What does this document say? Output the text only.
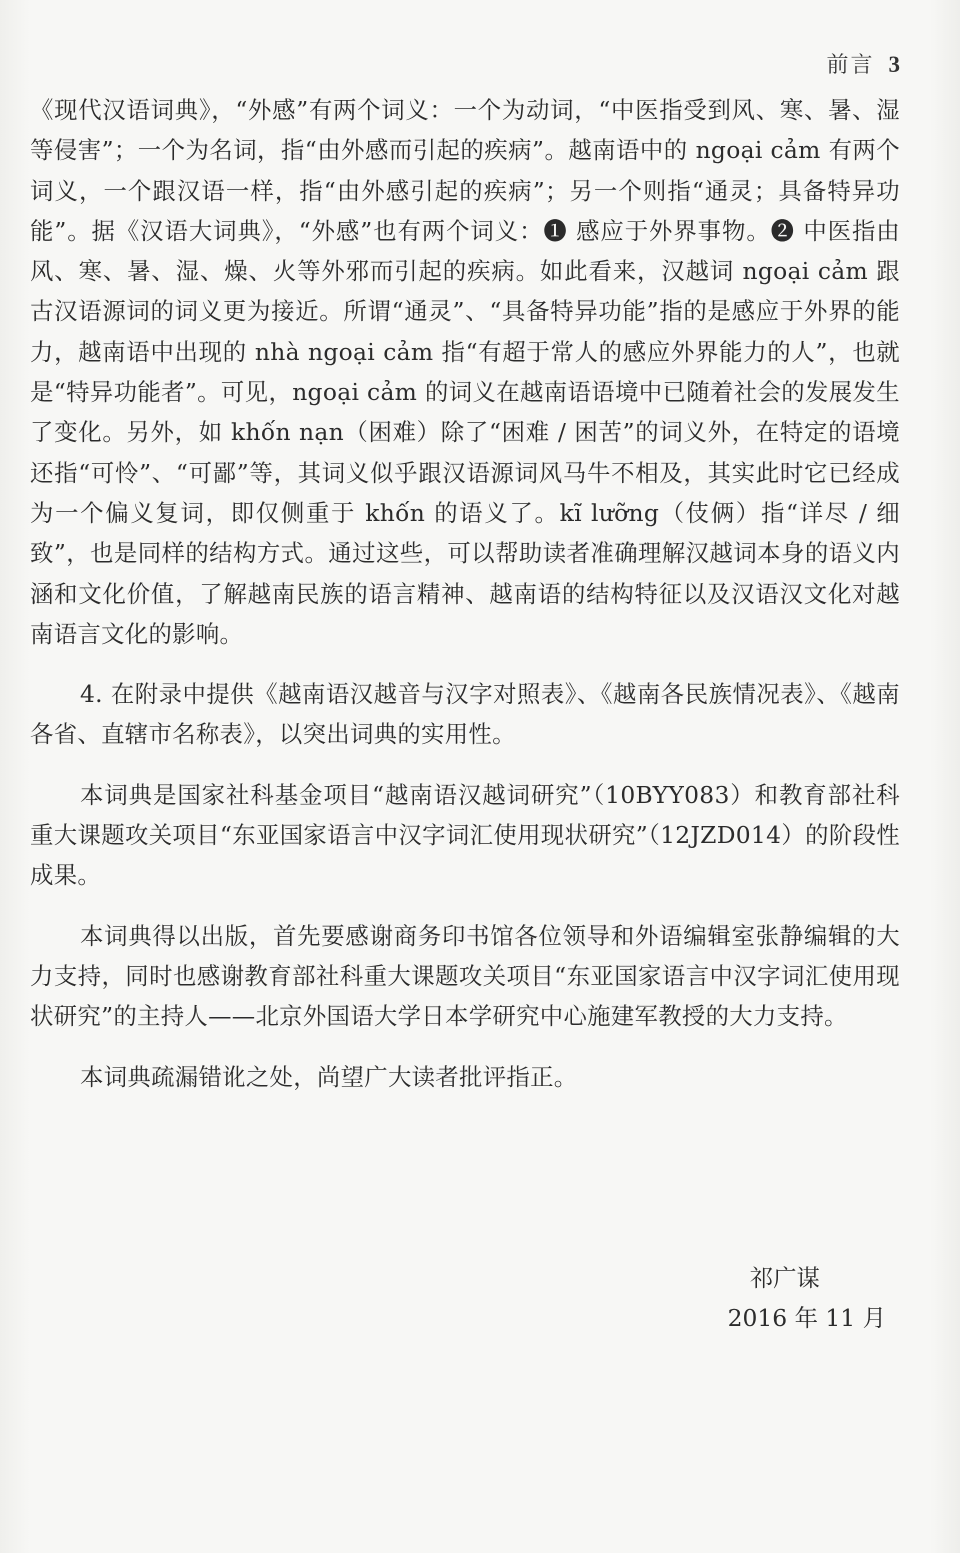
前言 3

《现代汉语词典》，“外感”有两个词义：一个为动词，“中医指受到风、寒、暑、湿等侵害”；一个为名词，指“由外感而引起的疾病”。越南语中的 ngoại cảm 有两个词义，一个跟汉语一样，指“由外感引起的疾病”；另一个则指“通灵；具备特异功能”。据《汉语大词典》，“外感”也有两个词义：❶ 感应于外界事物。❷ 中医指由风、寒、暑、湿、燥、火等外邪而引起的疾病。如此看来，汉越词 ngoại cảm 跟古汉语源词的词义更为接近。所谓“通灵”、“具备特异功能”指的是感应于外界的能力，越南语中出现的 nhà ngoại cảm 指“有超于常人的感应外界能力的人”，也就是“特异功能者”。可见，ngoại cảm 的词义在越南语语境中已随着社会的发展发生了变化。另外，如 khốn nạn（困难）除了“困难 / 困苦”的词义外，在特定的语境还指“可怜”、“可鄙”等，其词义似乎跟汉语源词风马牛不相及，其实此时它已经成为一个偏义复词，即仅侧重于 khốn 的语义了。kĩ lưỡng（伎俩）指“详尽 / 细致”，也是同样的结构方式。通过这些，可以帮助读者准确理解汉越词本身的语义内涵和文化价值，了解越南民族的语言精神、越南语的结构特征以及汉语汉文化对越南语言文化的影响。

4. 在附录中提供《越南语汉越音与汉字对照表》、《越南各民族情况表》、《越南各省、直辖市名称表》，以突出词典的实用性。

本词典是国家社科基金项目“越南语汉越词研究”（10BYY083）和教育部社科重大课题攻关项目“东亚国家语言中汉字词汇使用现状研究”（12JZD014）的阶段性成果。

本词典得以出版，首先要感谢商务印书馆各位领导和外语编辑室张静编辑的大力支持，同时也感谢教育部社科重大课题攻关项目“东亚国家语言中汉字词汇使用现状研究”的主持人——北京外国语大学日本学研究中心施建军教授的大力支持。

本词典疏漏错讹之处，尚望广大读者批评指正。

祁广谋
2016 年 11 月
